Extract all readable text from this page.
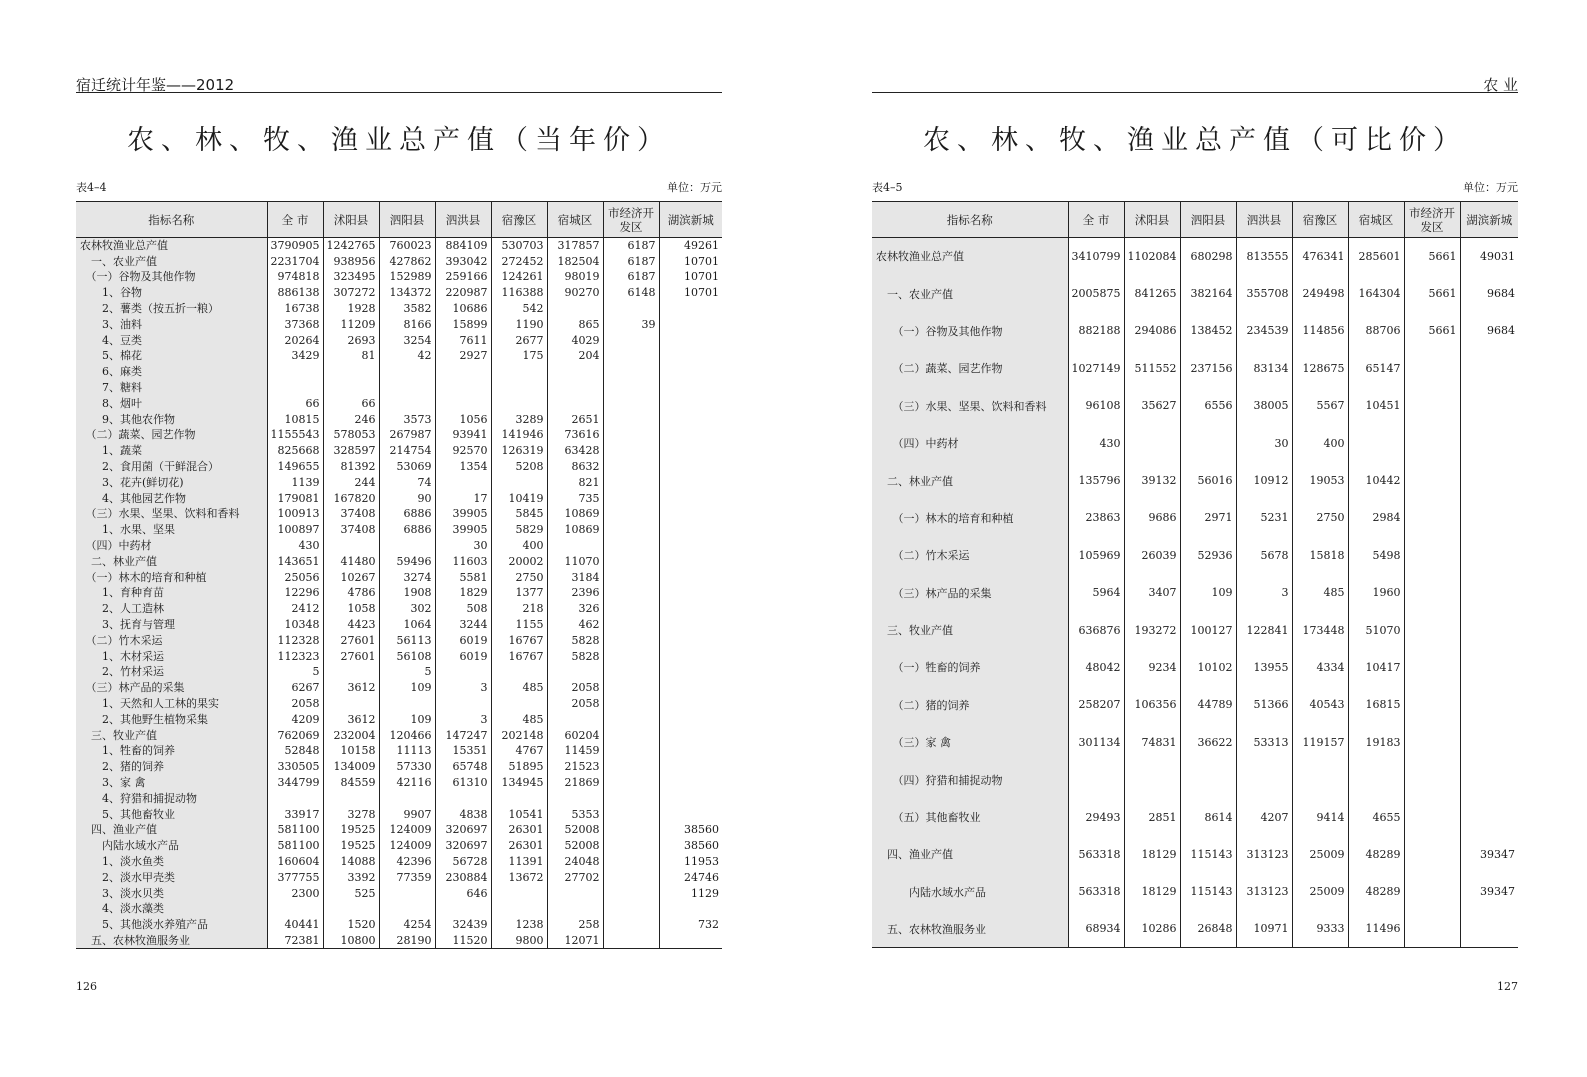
宿迁统计年鉴——2012
农、林、牧、渔业总产值（当年价）
表4–4	单位：万元
指标名称	全 市	沭阳县	泗阳县	泗洪县	宿豫区	宿城区	市经济开发区	湖滨新城
农林牧渔业总产值	3790905	1242765	760023	884109	530703	317857	6187	49261
　一、农业产值	2231704	938956	427862	393042	272452	182504	6187	10701
　（一）谷物及其他作物	974818	323495	152989	259166	124261	98019	6187	10701
　　1、谷物	886138	307272	134372	220987	116388	90270	6148	10701
　　2、薯类（按五折一粮）	16738	1928	3582	10686	542			
　　3、油料	37368	11209	8166	15899	1190	865	39	
　　4、豆类	20264	2693	3254	7611	2677	4029		
　　5、棉花	3429	81	42	2927	175	204		
　　6、麻类								
　　7、糖料								
　　8、烟叶	66	66						
　　9、其他农作物	10815	246	3573	1056	3289	2651		
　（二）蔬菜、园艺作物	1155543	578053	267987	93941	141946	73616		
　　1、蔬菜	825668	328597	214754	92570	126319	63428		
　　2、食用菌（干鲜混合）	149655	81392	53069	1354	5208	8632		
　　3、花卉(鲜切花)	1139	244	74			821		
　　4、其他园艺作物	179081	167820	90	17	10419	735		
　（三）水果、坚果、饮料和香料	100913	37408	6886	39905	5845	10869		
　　1、水果、坚果	100897	37408	6886	39905	5829	10869		
　（四）中药材	430			30	400			
　二、林业产值	143651	41480	59496	11603	20002	11070		
　（一）林木的培育和种植	25056	10267	3274	5581	2750	3184		
　　1、育种育苗	12296	4786	1908	1829	1377	2396		
　　2、人工造林	2412	1058	302	508	218	326		
　　3、抚育与管理	10348	4423	1064	3244	1155	462		
　（二）竹木采运	112328	27601	56113	6019	16767	5828		
　　1、木材采运	112323	27601	56108	6019	16767	5828		
　　2、竹材采运	5		5					
　（三）林产品的采集	6267	3612	109	3	485	2058		
　　1、天然和人工林的果实	2058					2058		
　　2、其他野生植物采集	4209	3612	109	3	485			
　三、牧业产值	762069	232004	120466	147247	202148	60204		
　　1、牲畜的饲养	52848	10158	11113	15351	4767	11459		
　　2、猪的饲养	330505	134009	57330	65748	51895	21523		
　　3、家 禽	344799	84559	42116	61310	134945	21869		
　　4、狩猎和捕捉动物								
　　5、其他畜牧业	33917	3278	9907	4838	10541	5353		
　四、渔业产值	581100	19525	124009	320697	26301	52008		38560
　　内陆水域水产品	581100	19525	124009	320697	26301	52008		38560
　　1、淡水鱼类	160604	14088	42396	56728	11391	24048		11953
　　2、淡水甲壳类	377755	3392	77359	230884	13672	27702		24746
　　3、淡水贝类	2300	525		646				1129
　　4、淡水藻类								
　　5、其他淡水养殖产品	40441	1520	4254	32439	1238	258		732
　五、农林牧渔服务业	72381	10800	28190	11520	9800	12071		
126
农 业
农、林、牧、渔业总产值（可比价）
表4–5	单位：万元
指标名称	全 市	沭阳县	泗阳县	泗洪县	宿豫区	宿城区	市经济开发区	湖滨新城
农林牧渔业总产值	3410799	1102084	680298	813555	476341	285601	5661	49031
　一、农业产值	2005875	841265	382164	355708	249498	164304	5661	9684
　　（一）谷物及其他作物	882188	294086	138452	234539	114856	88706	5661	9684
　　（二）蔬菜、园艺作物	1027149	511552	237156	83134	128675	65147		
　　（三）水果、坚果、饮料和香料	96108	35627	6556	38005	5567	10451		
　　（四）中药材	430			30	400			
　二、林业产值	135796	39132	56016	10912	19053	10442		
　　（一）林木的培育和种植	23863	9686	2971	5231	2750	2984		
　　（二）竹木采运	105969	26039	52936	5678	15818	5498		
　　（三）林产品的采集	5964	3407	109	3	485	1960		
　三、牧业产值	636876	193272	100127	122841	173448	51070		
　　（一）牲畜的饲养	48042	9234	10102	13955	4334	10417		
　　（二）猪的饲养	258207	106356	44789	51366	40543	16815		
　　（三）家 禽	301134	74831	36622	53313	119157	19183		
　　（四）狩猎和捕捉动物								
　　（五）其他畜牧业	29493	2851	8614	4207	9414	4655		
　四、渔业产值	563318	18129	115143	313123	25009	48289		39347
　　　内陆水域水产品	563318	18129	115143	313123	25009	48289		39347
　五、农林牧渔服务业	68934	10286	26848	10971	9333	11496		
127
